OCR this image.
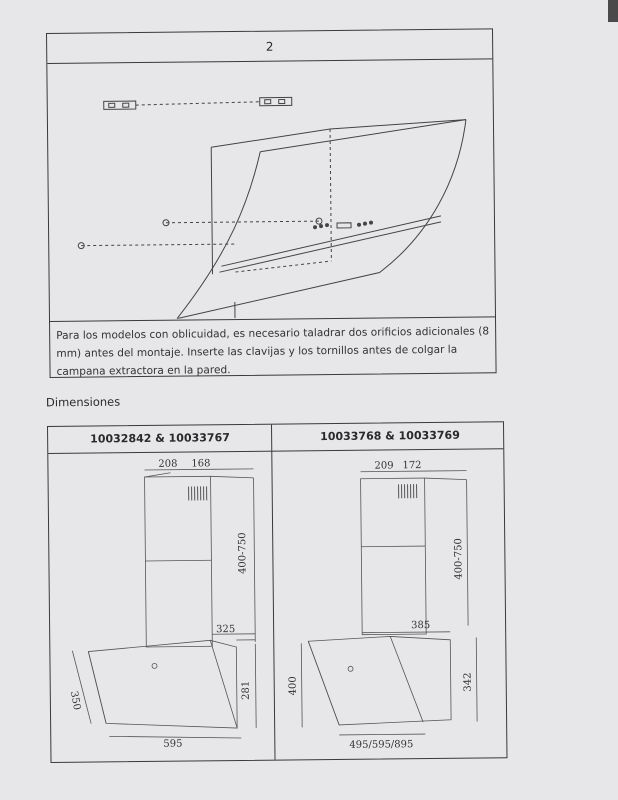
2
Para los modelos con oblicuidad, es necesario taladrar dos orificios adicionales (8 mm) antes del montaje. Inserte las clavijas y los tornillos antes de colgar la campana extractora en la pared.
Dimensiones
10032842 & 10033767	10033768 & 10033769
208 168
400-750
325
281
350
595
209 172
400-750
385
400	342
495/595/895
